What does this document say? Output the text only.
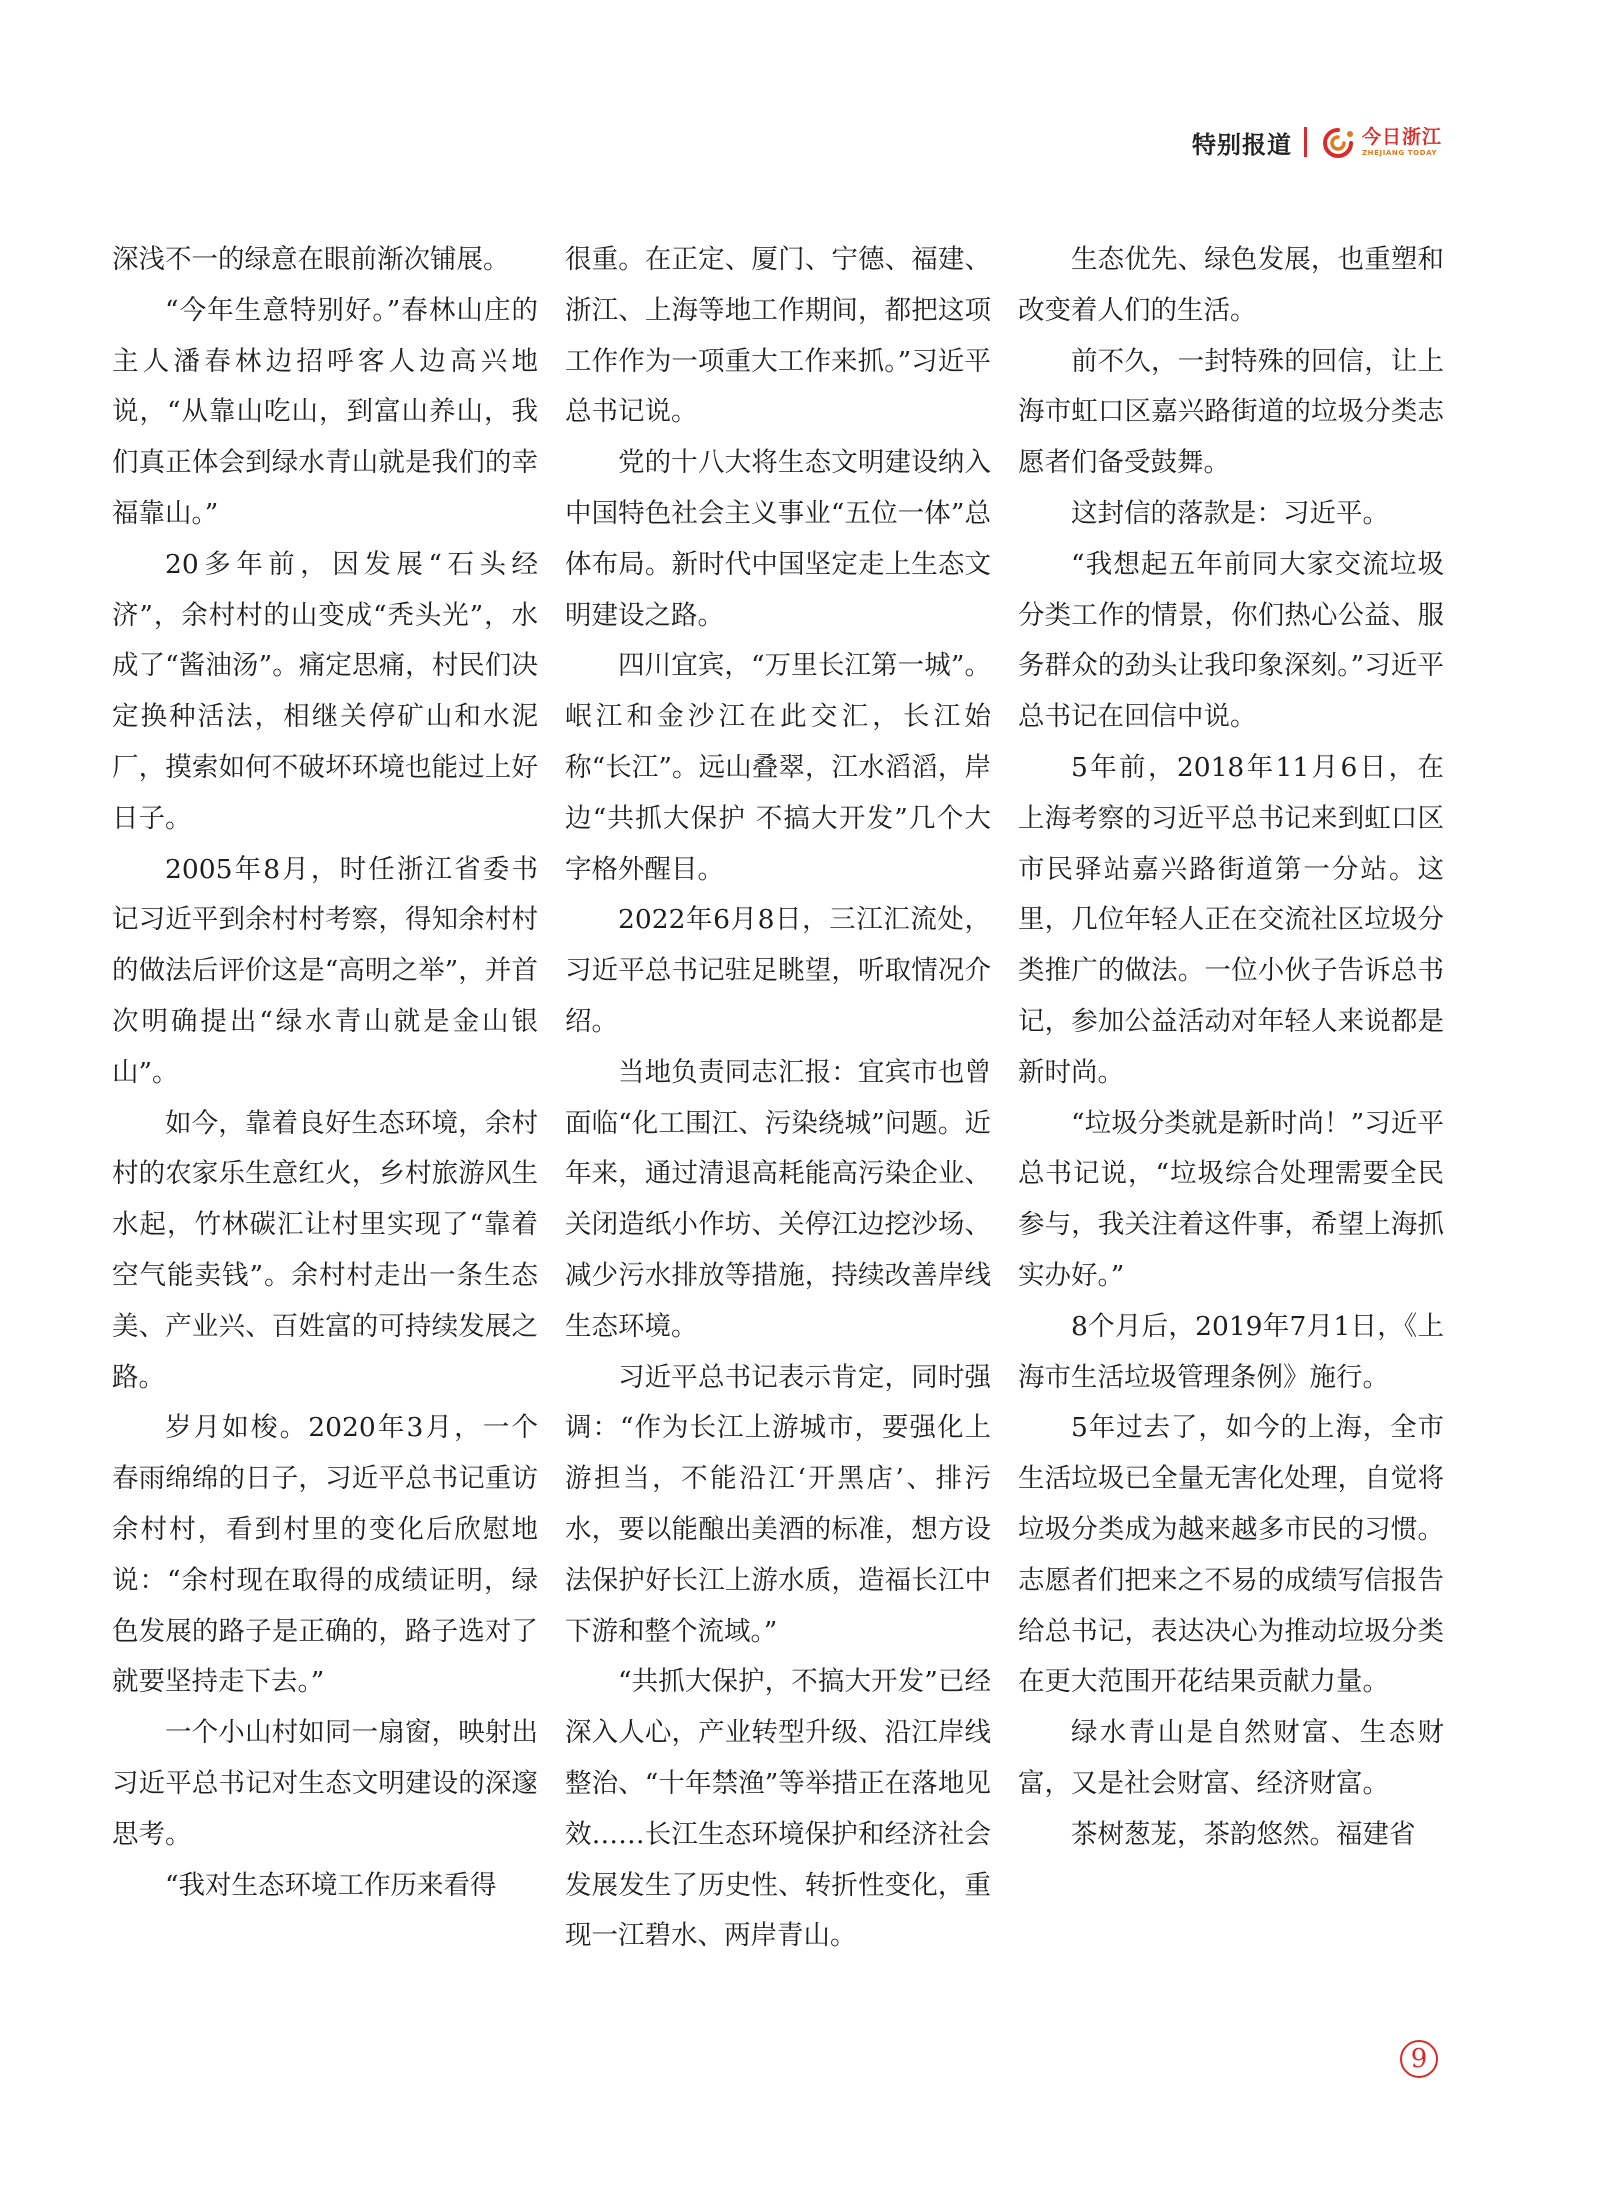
特别报道	今日浙江
ZHEJIANG TODAY

深浅不一的绿意在眼前渐次铺展。

“今年生意特别好。”春林山庄的主人潘春林边招呼客人边高兴地说，“从靠山吃山，到富山养山，我们真正体会到绿水青山就是我们的幸福靠山。”

20多年前，因发展“石头经济”，余村村的山变成“秃头光”，水成了“酱油汤”。痛定思痛，村民们决定换种活法，相继关停矿山和水泥厂，摸索如何不破坏环境也能过上好日子。

2005年8月，时任浙江省委书记习近平到余村村考察，得知余村村的做法后评价这是“高明之举”，并首次明确提出“绿水青山就是金山银山”。

如今，靠着良好生态环境，余村村的农家乐生意红火，乡村旅游风生水起，竹林碳汇让村里实现了“靠着空气能卖钱”。余村村走出一条生态美、产业兴、百姓富的可持续发展之路。

岁月如梭。2020年3月，一个春雨绵绵的日子，习近平总书记重访余村村，看到村里的变化后欣慰地说：“余村现在取得的成绩证明，绿色发展的路子是正确的，路子选对了就要坚持走下去。”

一个小山村如同一扇窗，映射出习近平总书记对生态文明建设的深邃思考。

“我对生态环境工作历来看得

很重。在正定、厦门、宁德、福建、浙江、上海等地工作期间，都把这项工作作为一项重大工作来抓。”习近平总书记说。

党的十八大将生态文明建设纳入中国特色社会主义事业“五位一体”总体布局。新时代中国坚定走上生态文明建设之路。

四川宜宾，“万里长江第一城”。岷江和金沙江在此交汇，长江始称“长江”。远山叠翠，江水滔滔，岸边“共抓大保护 不搞大开发”几个大字格外醒目。

2022年6月8日，三江汇流处，习近平总书记驻足眺望，听取情况介绍。

当地负责同志汇报：宜宾市也曾面临“化工围江、污染绕城”问题。近年来，通过清退高耗能高污染企业、关闭造纸小作坊、关停江边挖沙场、减少污水排放等措施，持续改善岸线生态环境。

习近平总书记表示肯定，同时强调：“作为长江上游城市，要强化上游担当，不能沿江‘开黑店’、排污水，要以能酿出美酒的标准，想方设法保护好长江上游水质，造福长江中下游和整个流域。”

“共抓大保护，不搞大开发”已经深入人心，产业转型升级、沿江岸线整治、“十年禁渔”等举措正在落地见效……长江生态环境保护和经济社会发展发生了历史性、转折性变化，重现一江碧水、两岸青山。

生态优先、绿色发展，也重塑和改变着人们的生活。

前不久，一封特殊的回信，让上海市虹口区嘉兴路街道的垃圾分类志愿者们备受鼓舞。

这封信的落款是：习近平。

“我想起五年前同大家交流垃圾分类工作的情景，你们热心公益、服务群众的劲头让我印象深刻。”习近平总书记在回信中说。

5年前，2018年11月6日，在上海考察的习近平总书记来到虹口区市民驿站嘉兴路街道第一分站。这里，几位年轻人正在交流社区垃圾分类推广的做法。一位小伙子告诉总书记，参加公益活动对年轻人来说都是新时尚。

“垃圾分类就是新时尚！”习近平总书记说，“垃圾综合处理需要全民参与，我关注着这件事，希望上海抓实办好。”

8个月后，2019年7月1日，《上海市生活垃圾管理条例》施行。

5年过去了，如今的上海，全市生活垃圾已全量无害化处理，自觉将垃圾分类成为越来越多市民的习惯。志愿者们把来之不易的成绩写信报告给总书记，表达决心为推动垃圾分类在更大范围开花结果贡献力量。

绿水青山是自然财富、生态财富，又是社会财富、经济财富。

茶树葱茏，茶韵悠然。福建省

9
